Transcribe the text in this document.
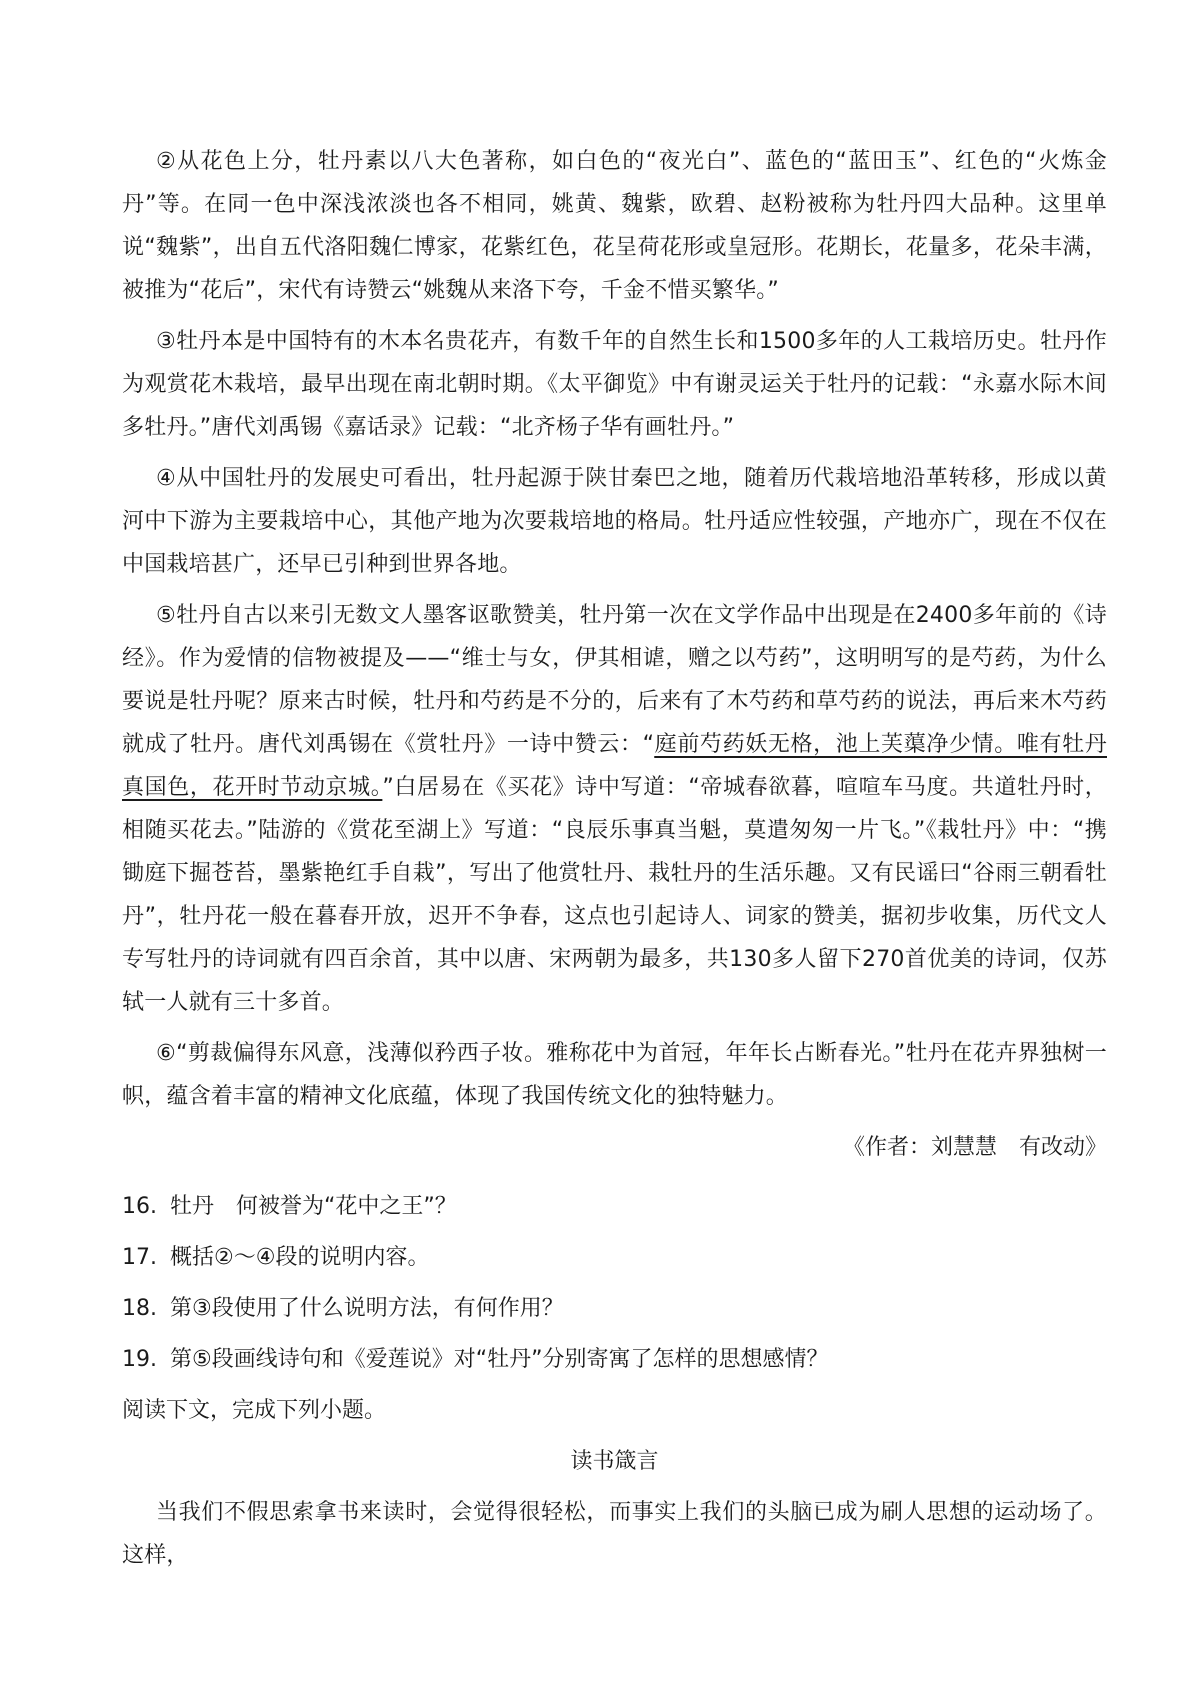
②从花色上分，牡丹素以八大色著称，如白色的“夜光白”、蓝色的“蓝田玉”、红色的“火炼金丹”等。在同一色中深浅浓淡也各不相同，姚黄、魏紫，欧碧、赵粉被称为牡丹四大品种。这里单说“魏紫”，出自五代洛阳魏仁博家，花紫红色，花呈荷花形或皇冠形。花期长，花量多，花朵丰满，被推为“花后”，宋代有诗赞云“姚魏从来洛下夸，千金不惜买繁华。”

③牡丹本是中国特有的木本名贵花卉，有数千年的自然生长和1500多年的人工栽培历史。牡丹作为观赏花木栽培，最早出现在南北朝时期。《太平御览》中有谢灵运关于牡丹的记载：“永嘉水际木间多牡丹。”唐代刘禹锡《嘉话录》记载：“北齐杨子华有画牡丹。”

④从中国牡丹的发展史可看出，牡丹起源于陕甘秦巴之地，随着历代栽培地沿革转移，形成以黄河中下游为主要栽培中心，其他产地为次要栽培地的格局。牡丹适应性较强，产地亦广，现在不仅在中国栽培甚广，还早已引种到世界各地。

⑤牡丹自古以来引无数文人墨客讴歌赞美，牡丹第一次在文学作品中出现是在2400多年前的《诗经》。作为爱情的信物被提及——“维士与女，伊其相谑，赠之以芍药”，这明明写的是芍药，为什么要说是牡丹呢？原来古时候，牡丹和芍药是不分的，后来有了木芍药和草芍药的说法，再后来木芍药就成了牡丹。唐代刘禹锡在《赏牡丹》一诗中赞云：“庭前芍药妖无格，池上芙蕖净少情。唯有牡丹真国色，花开时节动京城。”白居易在《买花》诗中写道：“帝城春欲暮，喧喧车马度。共道牡丹时，相随买花去。”陆游的《赏花至湖上》写道：“良辰乐事真当魁，莫遣匆匆一片飞。”《栽牡丹》中：“携锄庭下掘苍苔，墨紫艳红手自栽”，写出了他赏牡丹、栽牡丹的生活乐趣。又有民谣曰“谷雨三朝看牡丹”，牡丹花一般在暮春开放，迟开不争春，这点也引起诗人、词家的赞美，据初步收集，历代文人专写牡丹的诗词就有四百余首，其中以唐、宋两朝为最多，共130多人留下270首优美的诗词，仅苏轼一人就有三十多首。

⑥“剪裁偏得东风意，浅薄似矜西子妆。雅称花中为首冠，年年长占断春光。”牡丹在花卉界独树一帜，蕴含着丰富的精神文化底蕴，体现了我国传统文化的独特魅力。

《作者：刘慧慧　有改动》

16. 牡丹　何被誉为“花中之王”？
17. 概括②～④段的说明内容。
18. 第③段使用了什么说明方法，有何作用？
19. 第⑤段画线诗句和《爱莲说》对“牡丹”分别寄寓了怎样的思想感情？

阅读下文，完成下列小题。

读书箴言

当我们不假思索拿书来读时，会觉得很轻松，而事实上我们的头脑已成为刷人思想的运动场了。这样，
